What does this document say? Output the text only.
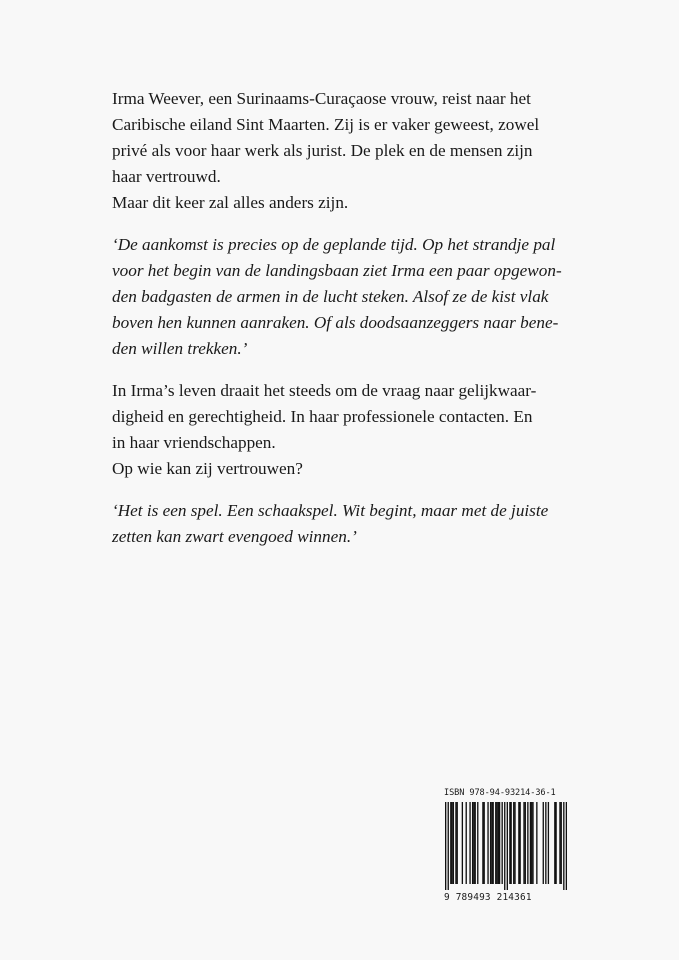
Irma Weever, een Surinaams-Curaçaose vrouw, reist naar het

Caribische eiland Sint Maarten. Zij is er vaker geweest, zowel

privé als voor haar werk als jurist. De plek en de mensen zijn

haar vertrouwd.

Maar dit keer zal alles anders zijn.

‘De aankomst is precies op de geplande tijd. Op het strandje pal

voor het begin van de landingsbaan ziet Irma een paar opgewon-

den badgasten de armen in de lucht steken. Alsof ze de kist vlak

boven hen kunnen aanraken. Of als doodsaanzeggers naar bene-

den willen trekken.’

In Irma’s leven draait het steeds om de vraag naar gelijkwaar-

digheid en gerechtigheid. In haar professionele contacten. En

in haar vriendschappen.

Op wie kan zij vertrouwen?

‘Het is een spel. Een schaakspel. Wit begint, maar met de juiste

zetten kan zwart evengoed winnen.’

ISBN 978-94-93214-36-1
9 789493 214361
